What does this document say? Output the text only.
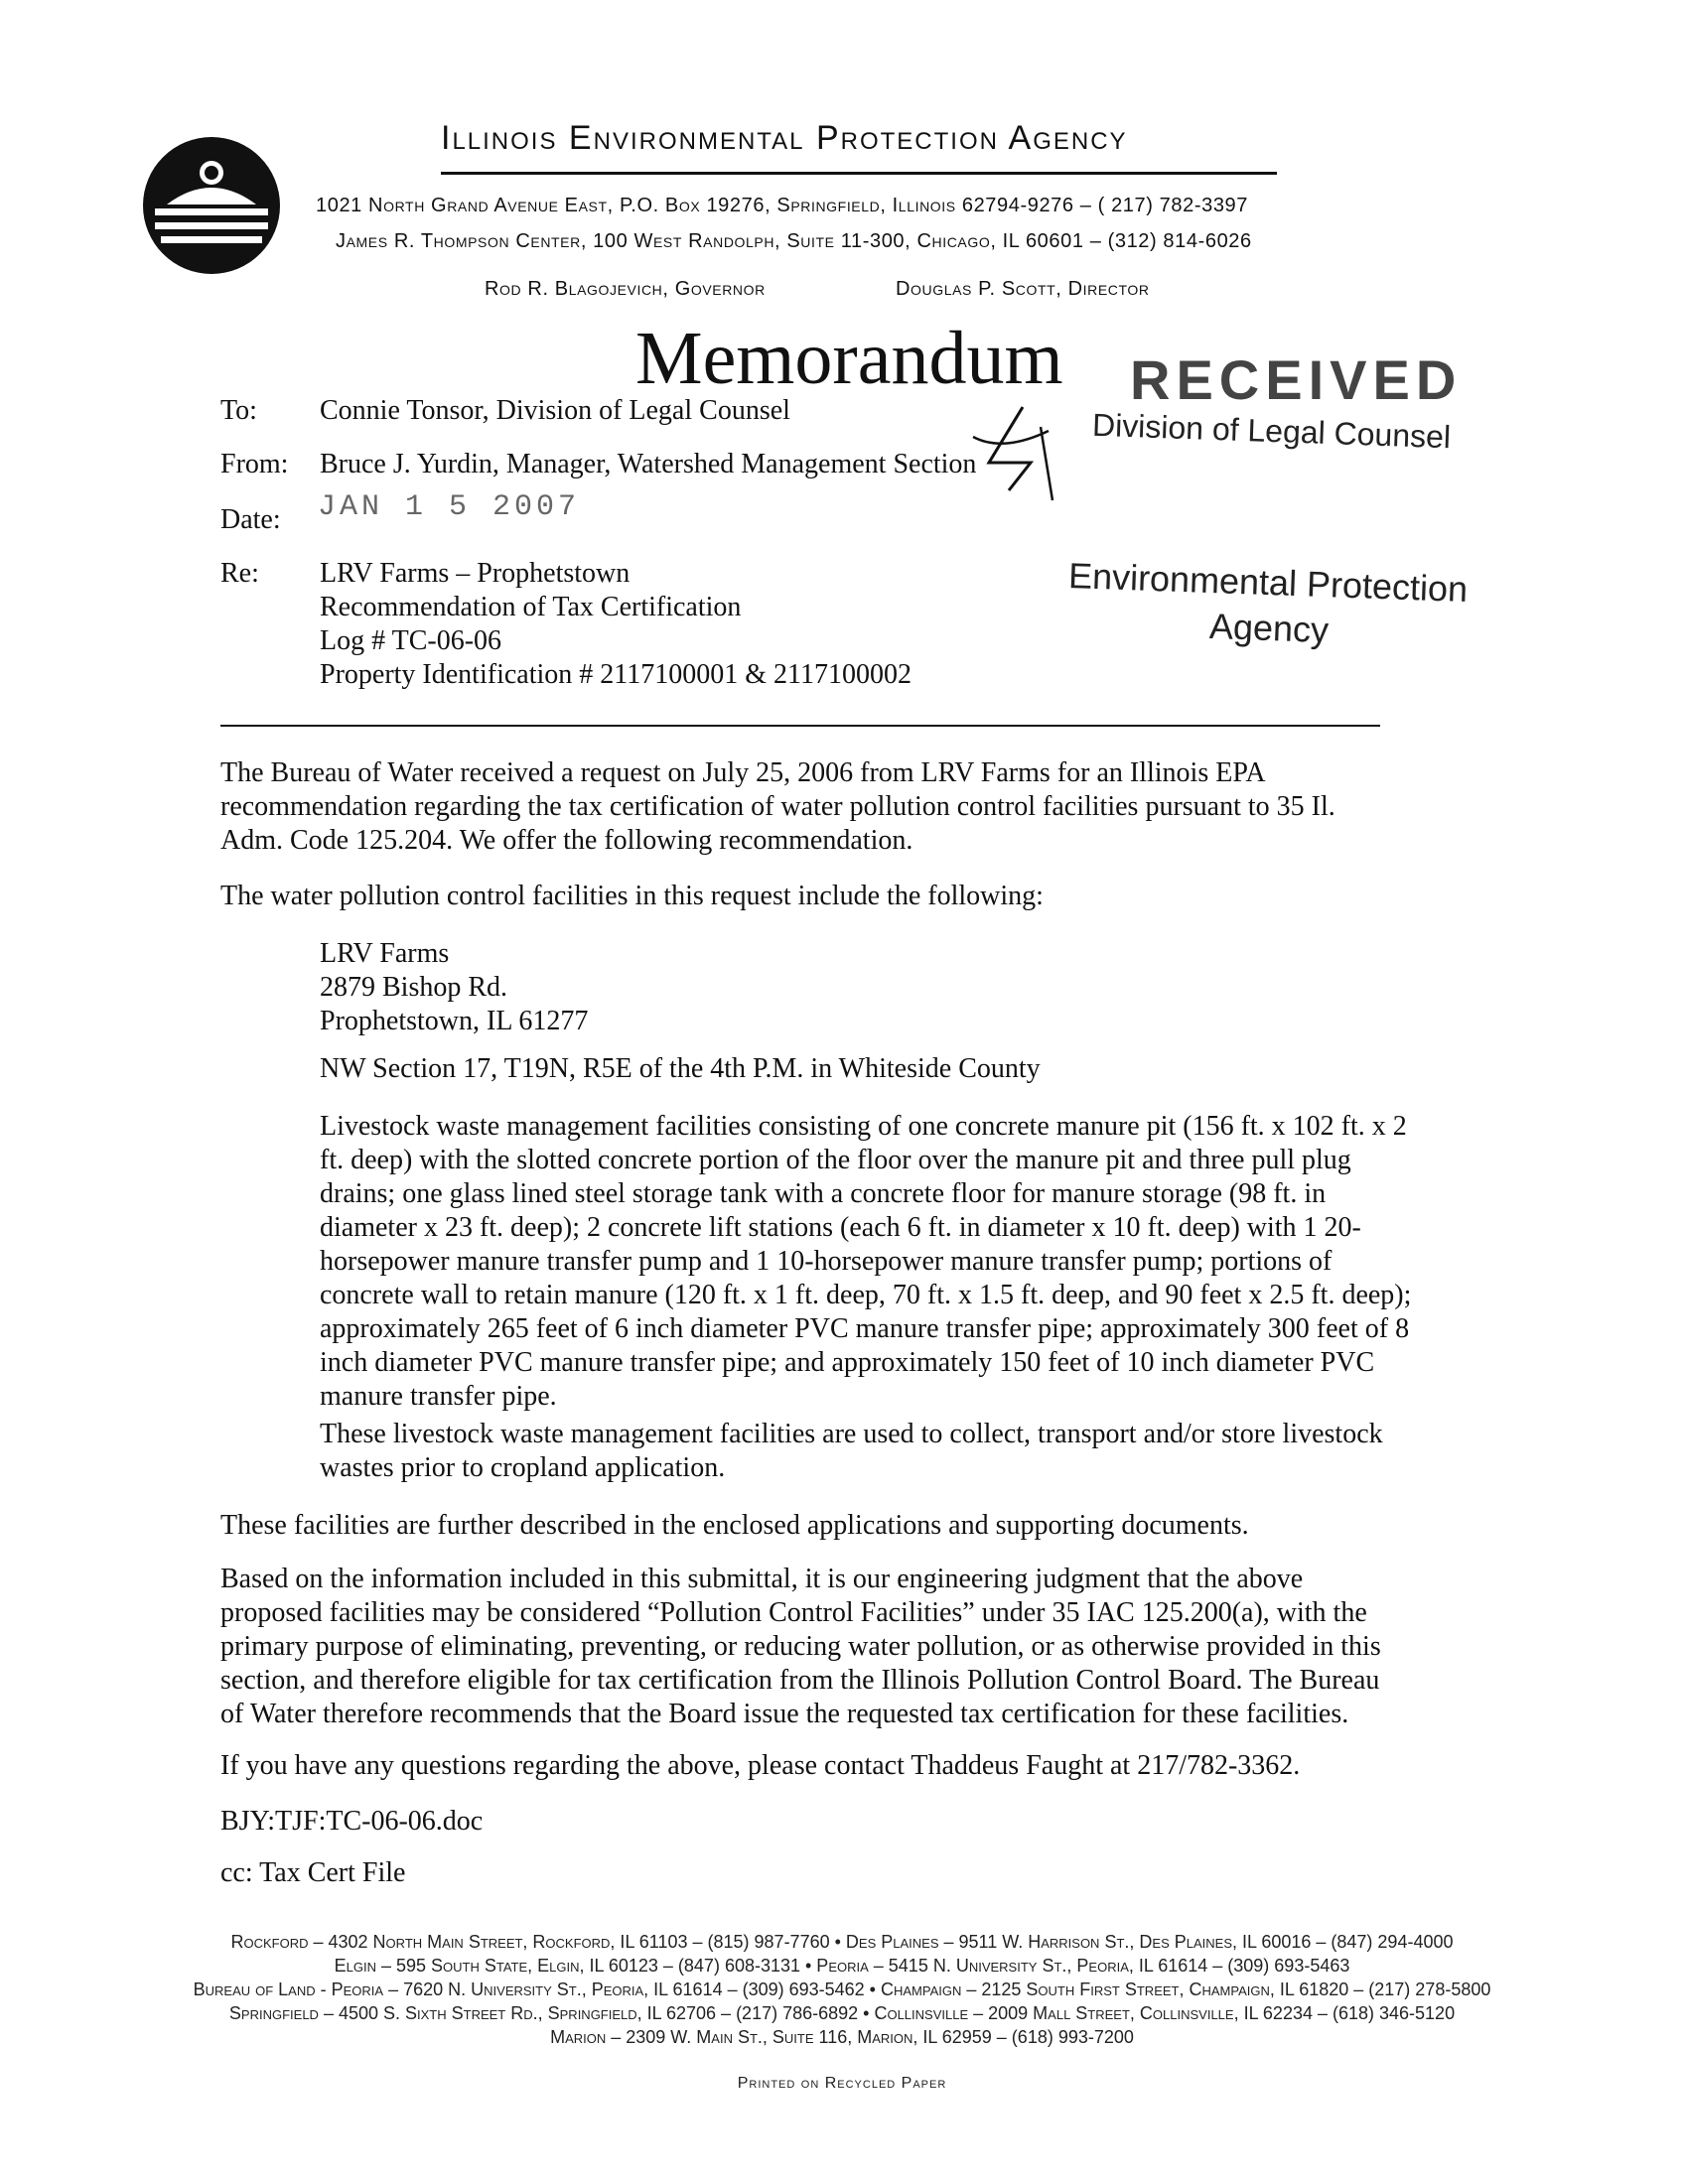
Illinois Environmental Protection Agency
1021 North Grand Avenue East, P.O. Box 19276, Springfield, Illinois 62794-9276 – ( 217) 782-3397
James R. Thompson Center, 100 West Randolph, Suite 11-300, Chicago, IL 60601 – (312) 814-6026
Rod R. Blagojevich, Governor	Douglas P. Scott, Director
Memorandum RECEIVED
Division of Legal Counsel
Environmental Protection
Agency
To: Connie Tonsor, Division of Legal Counsel
From: Bruce J. Yurdin, Manager, Watershed Management Section
Date: JAN 1 5 2007
Re: LRV Farms – Prophetstown
Recommendation of Tax Certification
Log # TC-06-06
Property Identification # 2117100001 & 2117100002
The Bureau of Water received a request on July 25, 2006 from LRV Farms for an Illinois EPA
recommendation regarding the tax certification of water pollution control facilities pursuant to 35 Il.
Adm. Code 125.204. We offer the following recommendation.
The water pollution control facilities in this request include the following:
LRV Farms
2879 Bishop Rd.
Prophetstown, IL 61277
NW Section 17, T19N, R5E of the 4th P.M. in Whiteside County
Livestock waste management facilities consisting of one concrete manure pit (156 ft. x 102 ft. x 2
ft. deep) with the slotted concrete portion of the floor over the manure pit and three pull plug
drains; one glass lined steel storage tank with a concrete floor for manure storage (98 ft. in
diameter x 23 ft. deep); 2 concrete lift stations (each 6 ft. in diameter x 10 ft. deep) with 1 20-
horsepower manure transfer pump and 1 10-horsepower manure transfer pump; portions of
concrete wall to retain manure (120 ft. x 1 ft. deep, 70 ft. x 1.5 ft. deep, and 90 feet x 2.5 ft. deep);
approximately 265 feet of 6 inch diameter PVC manure transfer pipe; approximately 300 feet of 8
inch diameter PVC manure transfer pipe; and approximately 150 feet of 10 inch diameter PVC
manure transfer pipe.
These livestock waste management facilities are used to collect, transport and/or store livestock
wastes prior to cropland application.
These facilities are further described in the enclosed applications and supporting documents.
Based on the information included in this submittal, it is our engineering judgment that the above
proposed facilities may be considered “Pollution Control Facilities” under 35 IAC 125.200(a), with the
primary purpose of eliminating, preventing, or reducing water pollution, or as otherwise provided in this
section, and therefore eligible for tax certification from the Illinois Pollution Control Board. The Bureau
of Water therefore recommends that the Board issue the requested tax certification for these facilities.
If you have any questions regarding the above, please contact Thaddeus Faught at 217/782-3362.
BJY:TJF:TC-06-06.doc
cc: Tax Cert File
Rockford – 4302 North Main Street, Rockford, IL 61103 – (815) 987-7760 • Des Plaines – 9511 W. Harrison St., Des Plaines, IL 60016 – (847) 294-4000
Elgin – 595 South State, Elgin, IL 60123 – (847) 608-3131 • Peoria – 5415 N. University St., Peoria, IL 61614 – (309) 693-5463
Bureau of Land - Peoria – 7620 N. University St., Peoria, IL 61614 – (309) 693-5462 • Champaign – 2125 South First Street, Champaign, IL 61820 – (217) 278-5800
Springfield – 4500 S. Sixth Street Rd., Springfield, IL 62706 – (217) 786-6892 • Collinsville – 2009 Mall Street, Collinsville, IL 62234 – (618) 346-5120
Marion – 2309 W. Main St., Suite 116, Marion, IL 62959 – (618) 993-7200
Printed on Recycled Paper
